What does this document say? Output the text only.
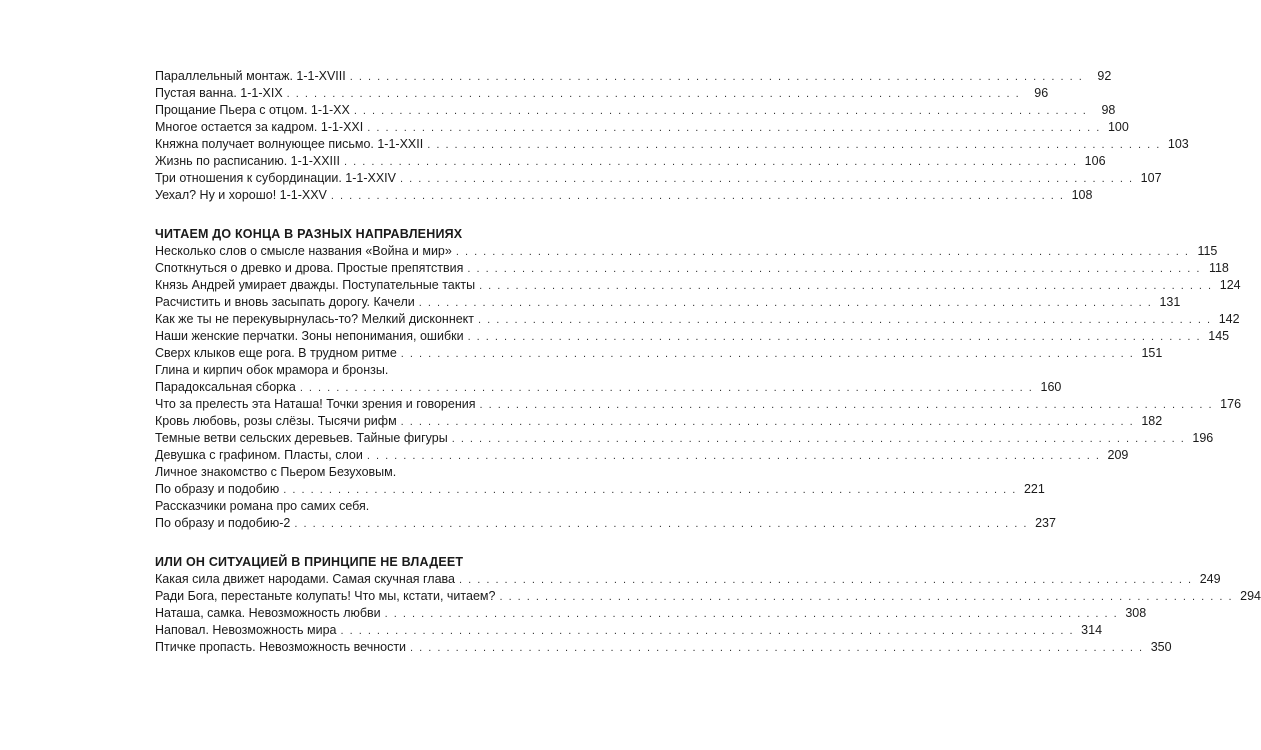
Параллельный монтаж. 1-1-XVIII . . .	92
Пустая ванна. 1-1-XIX . . .	96
Прощание Пьера с отцом. 1-1-XX . . .	98
Многое остается за кадром. 1-1-XXI . . .	100
Княжна получает волнующее письмо. 1-1-XXII . . .	103
Жизнь по расписанию. 1-1-XXIII . . .	106
Три отношения к субординации. 1-1-XXIV . . .	107
Уехал? Ну и хорошо! 1-1-XXV . . .	108
ЧИТАЕМ ДО КОНЦА В РАЗНЫХ НАПРАВЛЕНИЯХ
Несколько слов о смысле названия «Война и мир» . . .	115
Споткнуться о древко и дрова. Простые препятствия . . .	118
Князь Андрей умирает дважды. Поступательные такты . . .	124
Расчистить и вновь засыпать дорогу. Качели . . .	131
Как же ты не перекувырнулась-то? Мелкий дисконнект . . .	142
Наши женские перчатки. Зоны непонимания, ошибки . . .	145
Сверх клыков еще рога. В трудном ритме . . .	151
Глина и кирпич обок мрамора и бронзы.
Парадоксальная сборка . . .	160
Что за прелесть эта Наташа! Точки зрения и говорения . . .	176
Кровь любовь, розы слёзы. Тысячи рифм . . .	182
Темные ветви сельских деревьев. Тайные фигуры . . .	196
Девушка с графином. Пласты, слои . . .	209
Личное знакомство с Пьером Безуховым.
По образу и подобию . . .	221
Рассказчики романа про самих себя.
По образу и подобию-2 . . .	237
ИЛИ ОН СИТУАЦИЕЙ В ПРИНЦИПЕ НЕ ВЛАДЕЕТ
Какая сила движет народами. Самая скучная глава . . .	249
Ради Бога, перестаньте колупать! Что мы, кстати, читаем? . . .	294
Наташа, самка. Невозможность любви . . .	308
Наповал. Невозможность мира . . .	314
Птичке пропасть. Невозможность вечности . . .	350
